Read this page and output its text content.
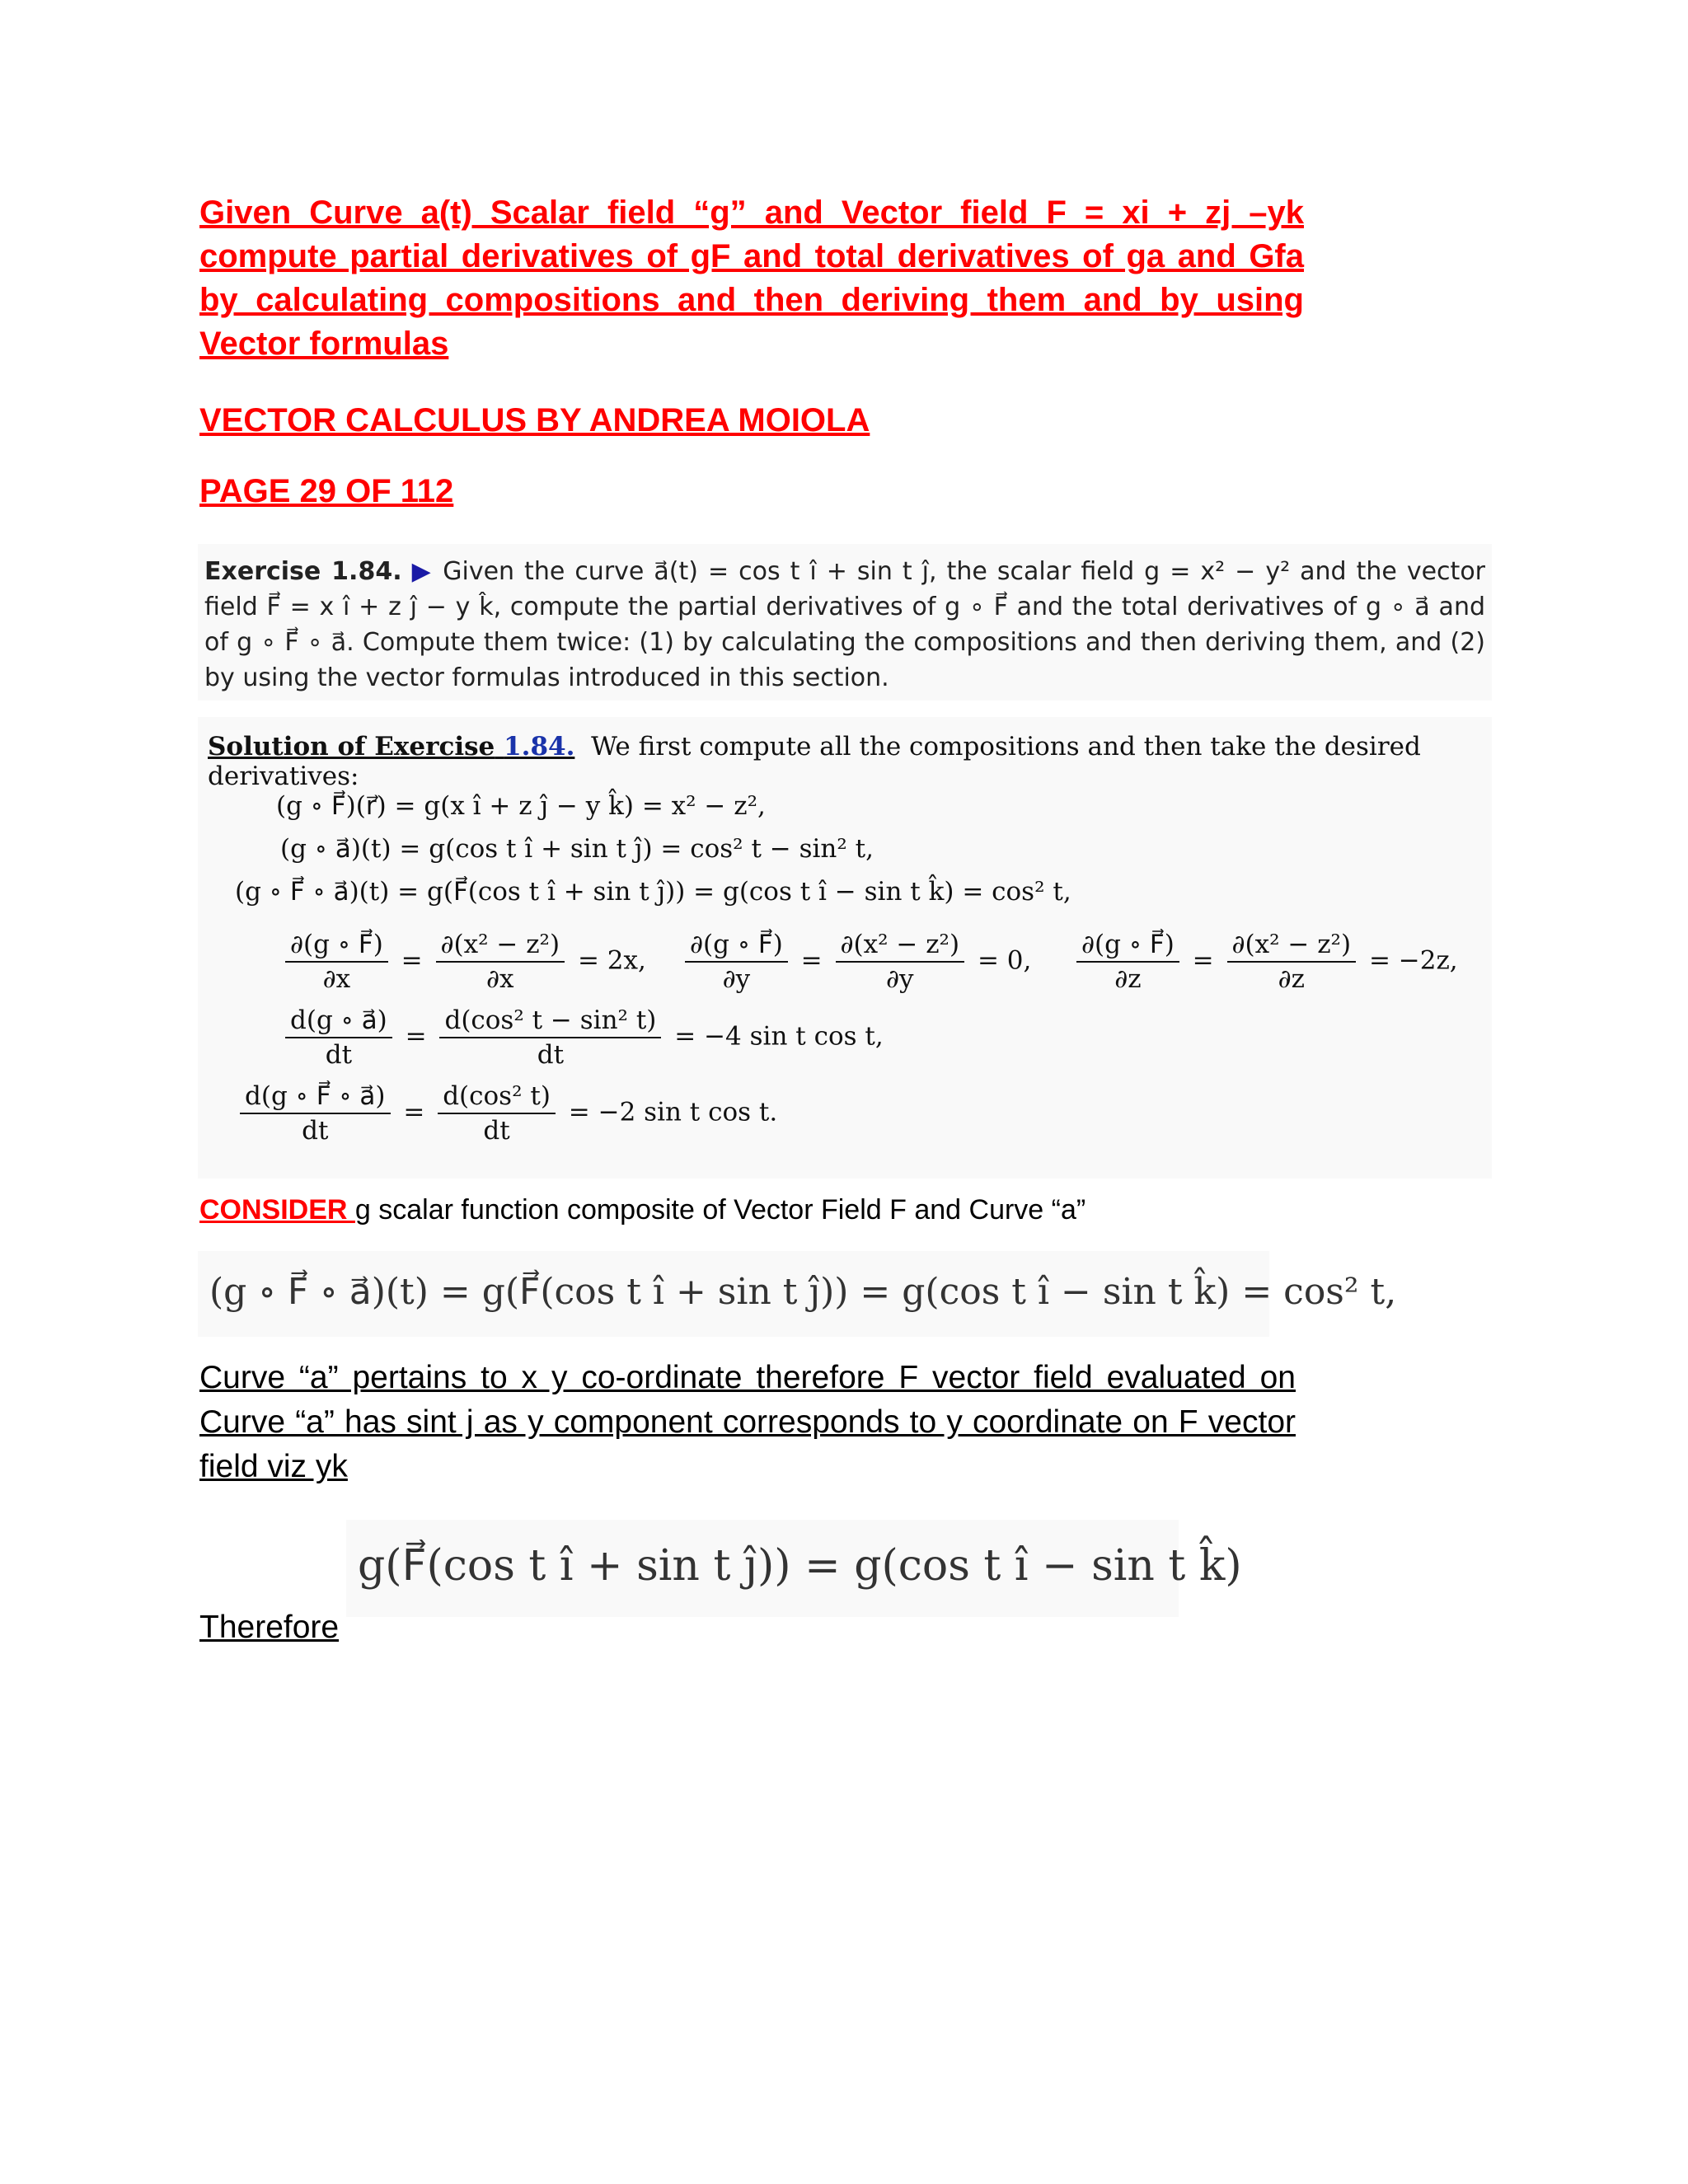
Given Curve a(t) Scalar field “g” and Vector field F = xi + zj –yk compute partial derivatives of gF and total derivatives of ga and Gfa by calculating compositions and then deriving them and by using Vector formulas
VECTOR CALCULUS BY ANDREA MOIOLA
PAGE 29 OF 112
Exercise 1.84. ▶ Given the curve a⃗(t) = cos t î + sin t ĵ, the scalar field g = x² − y² and the vector field F⃗ = x î + z ĵ − y k̂, compute the partial derivatives of g ∘ F⃗ and the total derivatives of g ∘ a⃗ and of g ∘ F⃗ ∘ a⃗. Compute them twice: (1) by calculating the compositions and then deriving them, and (2) by using the vector formulas introduced in this section.
Solution of Exercise 1.84. We first compute all the compositions and then take the desired derivatives:
(g ∘ F⃗)(r⃗) = g(x î + z ĵ − y k̂) = x² − z²,
(g ∘ a⃗)(t) = g(cos t î + sin t ĵ) = cos² t − sin² t,
(g ∘ F⃗ ∘ a⃗)(t) = g(F⃗(cos t î + sin t ĵ)) = g(cos t î − sin t k̂) = cos² t,
$\frac{\partial(g \circ F⃗)}{\partial x} = \frac{\text{∂(x² − z²)}}{\partial x} = 2x$, $\frac{\partial(g \circ F⃗)}{\partial y} = \frac{\text{∂(x² − z²)}}{\partial y} = 0$, $\frac{\partial(g \circ F⃗)}{\partial z} = \frac{\text{∂(x² − z²)}}{\partial z} = -2z$,
$\frac{d(g \circ a⃗)}{dt} = \frac{\text{d(cos² t − sin² t)}}{dt} = -4$ sin t cos t,
$\frac{d(g \circ F⃗ \circ a⃗)}{dt} = \frac{\text{d(cos² t)}}{dt} = -2$ sin t cos t.
CONSIDER g scalar function composite of Vector Field F and Curve “a”
(g ∘ F⃗ ∘ a⃗)(t) = g(F⃗(cos t î + sin t ĵ)) = g(cos t î − sin t k̂) = cos² t,
Curve “a” pertains to x y co-ordinate therefore F vector field evaluated on Curve “a” has sint j as y component corresponds to y coordinate on F vector field viz yk
g(F⃗(cos t î + sin t ĵ)) = g(cos t î − sin t k̂)
Therefore
